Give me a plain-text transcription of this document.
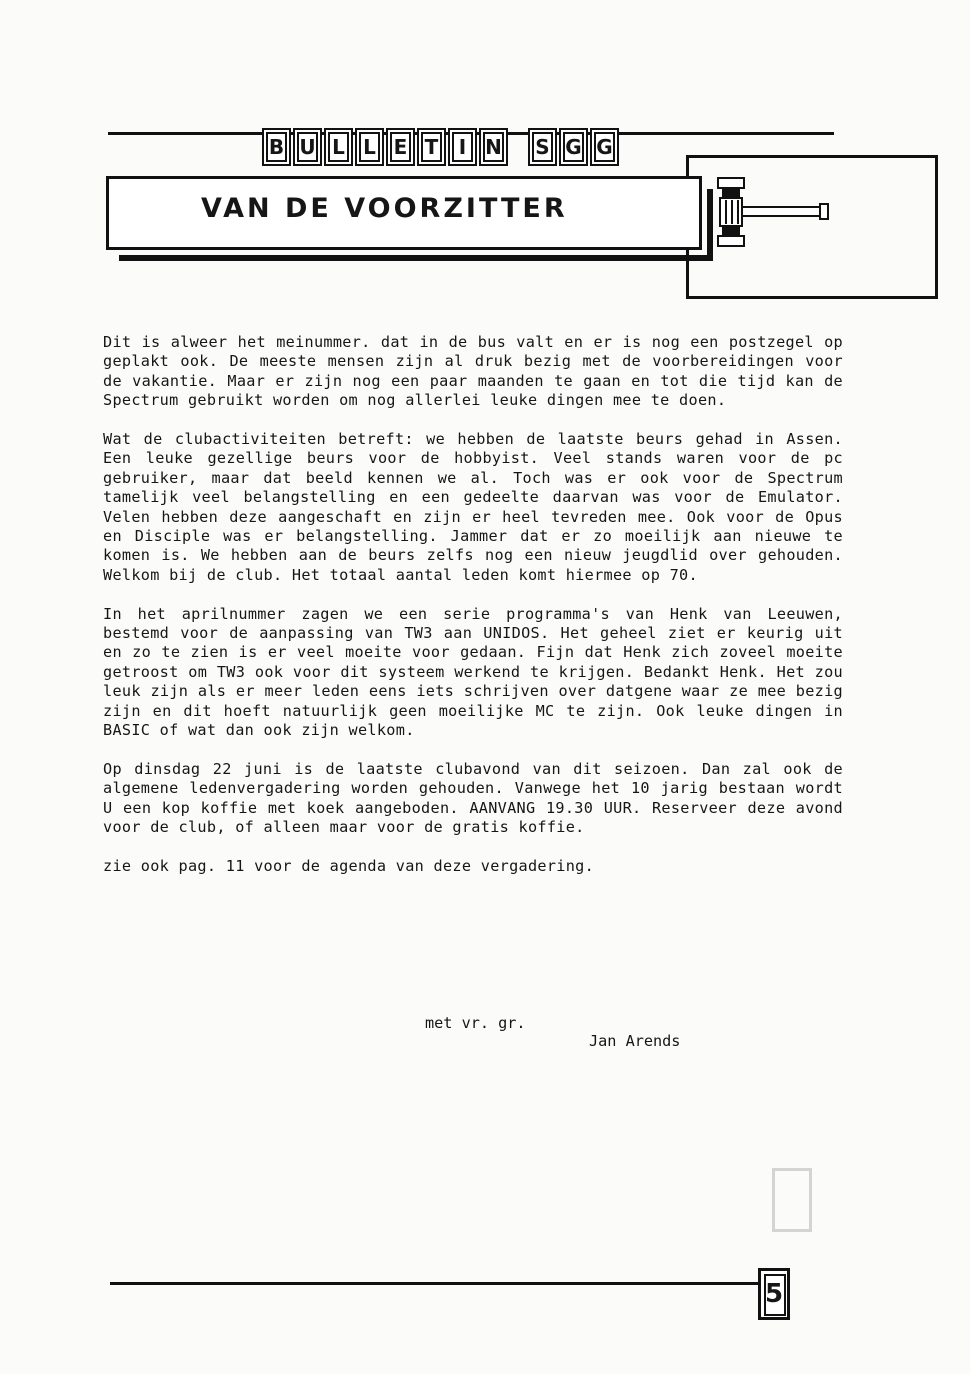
B U L L E T	I N	S G G
VAN DE VOORZITTER

Dit is alweer het meinummer. dat in de bus valt en er is nog een postzegel op geplakt ook. De meeste mensen zijn al druk bezig met de voorbereidingen voor de vakantie. Maar er zijn nog een paar maanden te gaan en tot die tijd kan de Spectrum gebruikt worden om nog allerlei leuke dingen mee te doen.

Wat de clubactiviteiten betreft: we hebben de laatste beurs gehad in Assen. Een leuke gezellige beurs voor de hobbyist. Veel stands waren voor de pc gebruiker, maar dat beeld kennen we al. Toch was er ook voor de Spectrum tamelijk veel belangstelling en een gedeelte daarvan was voor de Emulator. Velen hebben deze aangeschaft en zijn er heel tevreden mee. Ook voor de Opus en Disciple was er belangstelling. Jammer dat er zo moeilijk aan nieuwe te komen is. We hebben aan de beurs zelfs nog een nieuw jeugdlid over gehouden. Welkom bij de club. Het totaal aantal leden komt hiermee op 70.

In het aprilnummer zagen we een serie programma's van Henk van Leeuwen, bestemd voor de aanpassing van TW3 aan UNIDOS. Het geheel ziet er keurig uit en zo te zien is er veel moeite voor gedaan. Fijn dat Henk zich zoveel moeite getroost om TW3 ook voor dit systeem werkend te krijgen. Bedankt Henk. Het zou leuk zijn als er meer leden eens iets schrijven over datgene waar ze mee bezig zijn en dit hoeft natuurlijk geen moeilijke MC te zijn. Ook leuke dingen in BASIC of wat dan ook zijn welkom.

Op dinsdag 22 juni is de laatste clubavond van dit seizoen. Dan zal ook de algemene ledenvergadering worden gehouden. Vanwege het 10 jarig bestaan wordt U een kop koffie met koek aangeboden. AANVANG 19.30 UUR. Reserveer deze avond voor de club, of alleen maar voor de gratis koffie.

zie ook pag. 11 voor de agenda van deze vergadering.

met vr. gr.
Jan Arends
5
